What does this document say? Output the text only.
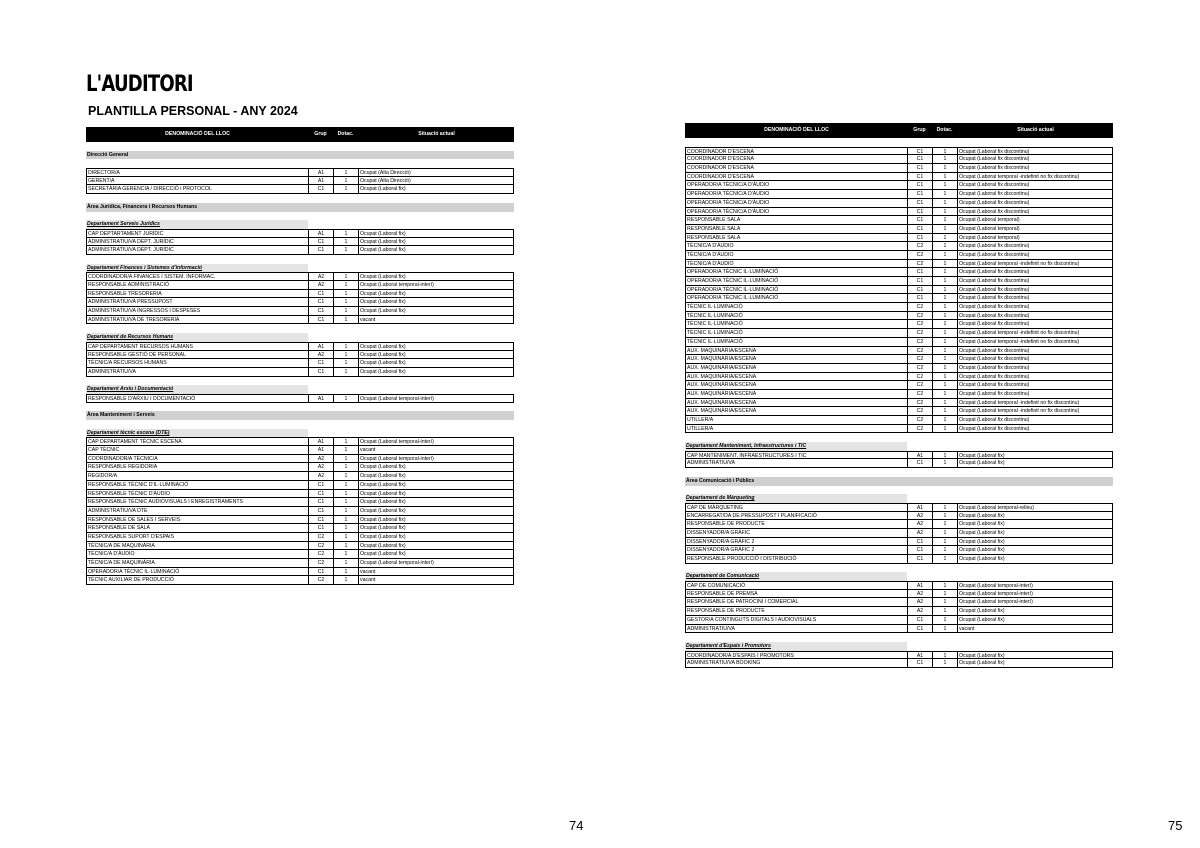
L'AUDITORI
PLANTILLA PERSONAL - ANY 2024
DENOMINACIÓ DEL LLOC	Grup	Dotac.	Situació actual
Direcció General
DIRECTOR/A	A1	1	Ocupat (Alta Direcció)
GERENT/A	A1	1	Ocupat (Alta Direcció)
SECRETÀRIA GERENCIA / DIRECCIÓ i PROTOCOL	C1	1	Ocupat (Laboral fix)
Àrea Jurídica, Financera i Recursos Humans
Departament Serveis Jurídics
CAP DEPTARTAMENT JURÍDIC	A1	1	Ocupat (Laboral fix)
ADMINISTRATIU/VA DEPT. JURÍDIC	C1	1	Ocupat (Laboral fix)
ADMINISTRATIU/VA DEPT. JURÍDIC	C1	1	Ocupat (Laboral fix)
Departament Finances i Sistemes d'informació
COORDINADOR/A FINANCES I SISTEM. INFORMAC.	A2	1	Ocupat (Laboral fix)
RESPONSABLE ADMINISTRACIÓ	A2	1	Ocupat (Laboral temporal-interí)
RESPONSABLE TRESORERIA	C1	1	Ocupat (Laboral fix)
ADMINISTRATIU/VA PRESSUPOST	C1	1	Ocupat (Laboral fix)
ADMINISTRATIU/VA INGRESSOS I DESPESES	C1	1	Ocupat (Laboral fix)
ADMINISTRATIU/VA DE TRESORERIA	C1	1	vacant
Departament de Recursos Humans
CAP DEPARTAMENT RECURSOS HUMANS	A1	1	Ocupat (Laboral fix)
RESPONSABLE GESTIÓ DE PERSONAL	A2	1	Ocupat (Laboral fix)
TÈCNIC/A RECURSOS HUMANS	C1	1	Ocupat (Laboral fix)
ADMINISTRATIU/VA	C1	1	Ocupat (Laboral fix)
Departament Arxiu i Documentació
RESPONSABLE D'ARXIU I DOCUMENTACIÓ	A1	1	Ocupat (Laboral temporal-interí)
Àrea Manteniment i Serveis
Departament tècnic escena (DTE)
CAP DEPARTAMENT TÈCNIC ESCENA	A1	1	Ocupat (Laboral temporal-interí)
CAP TÈCNIC	A1	1	vacant
COORDINADOR/A TÈCNIC/A	A2	1	Ocupat (Laboral temporal-interí)
RESPONSABLE REGIDORIA	A2	1	Ocupat (Laboral fix)
REGIDOR/A	A2	1	Ocupat (Laboral fix)
RESPONSABLE TÈCNIC D'IL·LUMINACIÓ	C1	1	Ocupat (Laboral fix)
RESPONSABLE TÈCNIC D'ÀUDIO	C1	1	Ocupat (Laboral fix)
RESPONSABLE TÈCNIC AUDIOVISUALS I ENREGISTRAMENTS	C1	1	Ocupat (Laboral fix)
ADMINISTRATIU/VA DTE	C1	1	Ocupat (Laboral fix)
RESPONSABLE DE SALES I SERVEIS	C1	1	Ocupat (Laboral fix)
RESPONSABLE DE SALA	C1	1	Ocupat (Laboral fix)
RESPONSABLE SUPORT D'ESPAIS	C2	1	Ocupat (Laboral fix)
TÈCNIC/A DE MAQUINÀRIA	C2	1	Ocupat (Laboral fix)
TÈCNIC/A D'ÀUDIO	C2	1	Ocupat (Laboral fix)
TÈCNIC/A DE MAQUINÀRIA	C2	1	Ocupat (Laboral temporal-interí)
OPERADOR/A TÈCNIC IL·LUMINACIÓ	C1	1	vacant
TÈCNIC AUXILIAR DE PRODUCCIÓ	C2	1	vacant
DENOMINACIÓ DEL LLOC	Grup	Dotac.	Situació actual
COORDINADOR D'ESCENA	C1	1	Ocupat (Laboral fix discontinu)
COORDINADOR D'ESCENA	C1	1	Ocupat (Laboral fix discontinu)
COORDINADOR D'ESCENA	C1	1	Ocupat (Laboral fix discontinu)
COORDINADOR D'ESCENA	C1	1	Ocupat (Laboral temporal -indefinit no fix discontinu)
OPERADOR/A TÈCNIC/A D'ÀUDIO	C1	1	Ocupat (Laboral fix discontinu)
OPERADOR/A TÈCNIC/A D'ÀUDIO	C1	1	Ocupat (Laboral fix discontinu)
OPERADOR/A TÈCNIC/A D'ÀUDIO	C1	1	Ocupat (Laboral fix discontinu)
OPERADOR/A TÈCNIC/A D'ÀUDIO	C1	1	Ocupat (Laboral fix discontinu)
RESPONSABLE SALA	C1	1	Ocupat (Laboral temporal)
RESPONSABLE SALA	C1	1	Ocupat (Laboral temporal)
RESPONSABLE SALA	C1	1	Ocupat (Laboral temporal)
TÈCNIC/A D'ÀUDIO	C2	1	Ocupat (Laboral fix discontinu)
TÈCNIC/A D'ÀUDIO	C2	1	Ocupat (Laboral fix discontinu)
TÈCNIC/A D'ÀUDIO	C2	1	Ocupat (Laboral temporal -indefinit no fix discontinu)
OPERADOR/A TÈCNIC IL·LUMINACIÓ	C1	1	Ocupat (Laboral fix discontinu)
OPERADOR/A TÈCNIC IL·LUMINACIÓ	C1	1	Ocupat (Laboral fix discontinu)
OPERADOR/A TÈCNIC IL·LUMINACIÓ	C1	1	Ocupat (Laboral fix discontinu)
OPERADOR/A TÈCNIC IL·LUMINACIÓ	C1	1	Ocupat (Laboral fix discontinu)
TÈCNIC IL·LUMINACIÓ	C2	1	Ocupat (Laboral fix discontinu)
TÈCNIC IL·LUMINACIÓ	C2	1	Ocupat (Laboral fix discontinu)
TÈCNIC IL·LUMINACIÓ	C2	1	Ocupat (Laboral fix discontinu)
TÈCNIC IL·LUMINACIÓ	C2	1	Ocupat (Laboral temporal -indefinit no fix discontinu)
TÈCNIC IL·LUMINACIÓ	C2	1	Ocupat (Laboral temporal -indefinit no fix discontinu)
AUX. MAQUINÀRIA/ESCENA	C2	1	Ocupat (Laboral fix discontinu)
AUX. MAQUINÀRIA/ESCENA	C2	1	Ocupat (Laboral fix discontinu)
AUX. MAQUINÀRIA/ESCENA	C2	1	Ocupat (Laboral fix discontinu)
AUX. MAQUINÀRIA/ESCENA	C2	1	Ocupat (Laboral fix discontinu)
AUX. MAQUINÀRIA/ESCENA	C2	1	Ocupat (Laboral fix discontinu)
AUX. MAQUINÀRIA/ESCENA	C2	1	Ocupat (Laboral fix discontinu)
AUX. MAQUINÀRIA/ESCENA	C2	1	Ocupat (Laboral temporal -indefinit no fix discontinu)
AUX. MAQUINÀRIA/ESCENA	C2	1	Ocupat (Laboral temporal -indefinit no fix discontinu)
UTILLER/A	C2	1	Ocupat (Laboral fix discontinu)
UTILLER/A	C2	1	Ocupat (Laboral fix discontinu)
Departament Manteniment, Infraestructures i TIC
CAP MANTENIMENT, INFRAESTRUCTURES I TIC	A1	1	Ocupat (Laboral fix)
ADMINISTRATIU/VA	C1	1	Ocupat (Laboral fix)
Àrea Comunicació i Públics
Departament de Màrqueting
CAP DE MÀRQUETING	A1	1	Ocupat (Laboral temporal-relleu)
ENCARREGAT/DA DE PRESSUPOST I PLANIFICACIÓ	A2	1	Ocupat (Laboral fix)
RESPONSABLE DE PRODUCTE	A2	1	Ocupat (Laboral fix)
DISSENYADOR/A GRÀFIC	A2	1	Ocupat (Laboral fix)
DISSENYADOR/A GRÀFIC 2	C1	1	Ocupat (Laboral fix)
DISSENYADOR/A GRÀFIC 2	C1	1	Ocupat (Laboral fix)
RESPONSABLE PRODUCCIÓ I DISTRIBUCIÓ	C1	1	Ocupat (Laboral fix)
Departament de Comunicació
CAP DE COMUNICACIÓ	A1	1	Ocupat (Laboral temporal-interí)
RESPONSABLE DE PREMSA	A2	1	Ocupat (Laboral temporal-interí)
RESPONSABLE DE PATROCINI I COMERCIAL	A2	1	Ocupat (Laboral temporal-interí)
RESPONSABLE DE PRODUCTE	A2	1	Ocupat (Laboral fix)
GESTOR/A CONTINGUTS DIGITALS I AUDIOVISUALS	C1	1	Ocupat (Laboral fix)
ADMINISTRATIU/VA	C1	1	vacant
Departament d'Espais i Promotors
COORDINADOR/A D'ESPAIS I PROMOTORS	A1	1	Ocupat (Laboral fix)
ADMINISTRATIU/VA BOOKING	C1	1	Ocupat (Laboral fix)
74	75
